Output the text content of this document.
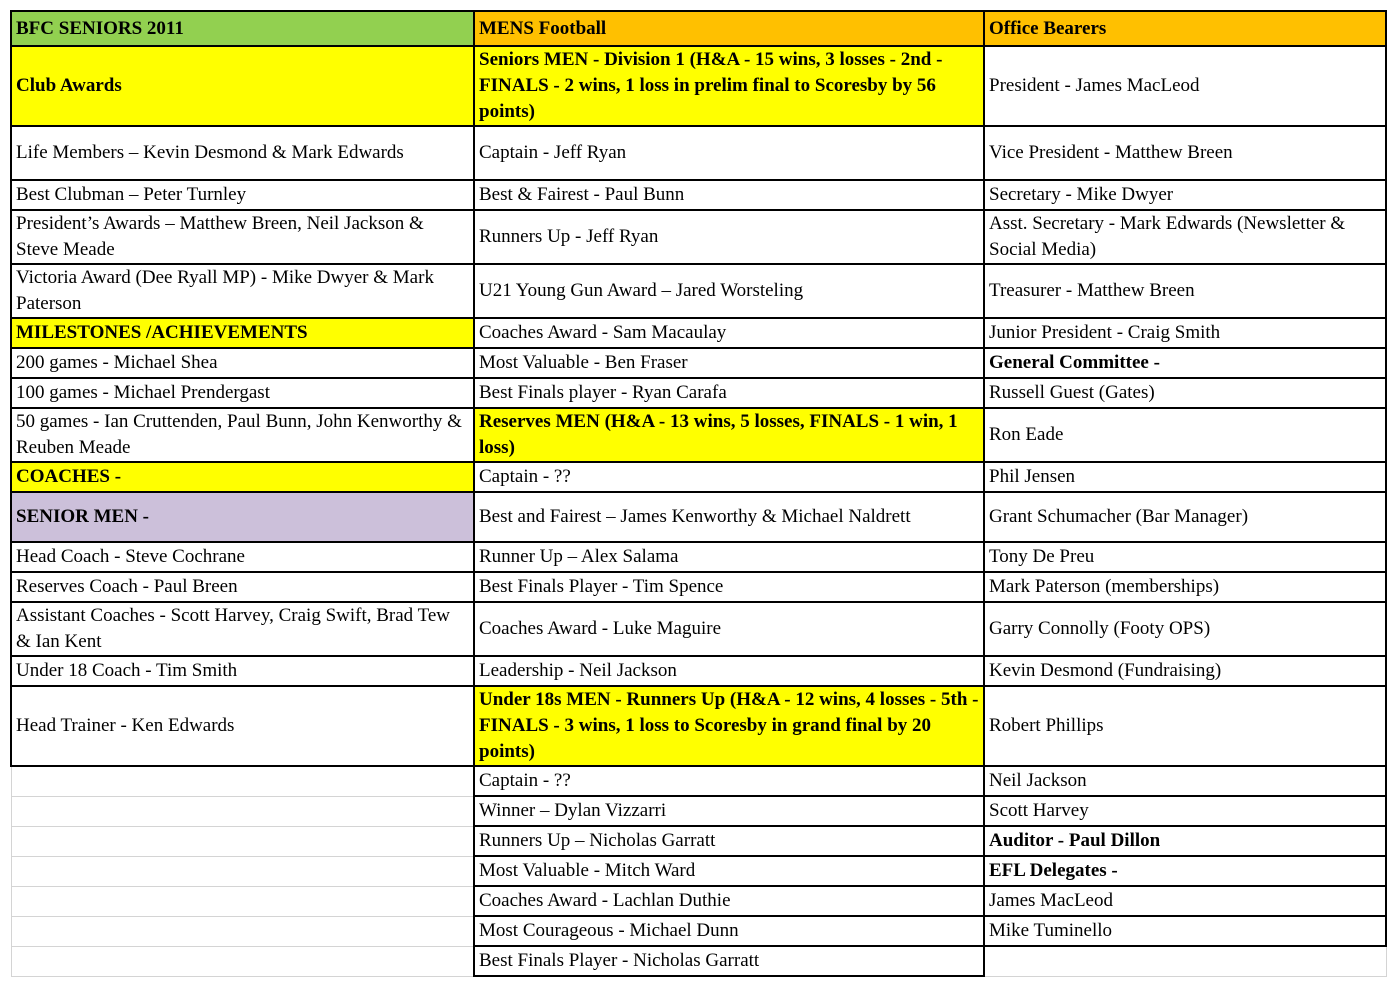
BFC SENIORS 2011	MENS Football	Office Bearers
Club Awards	Seniors MEN - Division 1 (H&A - 15 wins, 3 losses - 2nd - FINALS - 2 wins, 1 loss in prelim final to Scoresby by 56 points)	President - James MacLeod
Life Members – Kevin Desmond & Mark Edwards	Captain - Jeff Ryan	Vice President - Matthew Breen
Best Clubman – Peter Turnley	Best & Fairest - Paul Bunn	Secretary - Mike Dwyer
President’s Awards – Matthew Breen, Neil Jackson & Steve Meade	Runners Up - Jeff Ryan	Asst. Secretary - Mark Edwards (Newsletter & Social Media)
Victoria Award (Dee Ryall MP) - Mike Dwyer & Mark Paterson	U21 Young Gun Award – Jared Worsteling	Treasurer - Matthew Breen
MILESTONES /ACHIEVEMENTS	Coaches Award - Sam Macaulay	Junior President - Craig Smith
200 games - Michael Shea	Most Valuable - Ben Fraser	General Committee -
100 games - Michael Prendergast	Best Finals player - Ryan Carafa	Russell Guest (Gates)
50 games - Ian Cruttenden, Paul Bunn, John Kenworthy & Reuben Meade	Reserves MEN (H&A - 13 wins, 5 losses, FINALS - 1 win, 1 loss)	Ron Eade
COACHES -	Captain - ??	Phil Jensen
SENIOR MEN -	Best and Fairest – James Kenworthy & Michael Naldrett	Grant Schumacher (Bar Manager)
Head Coach - Steve Cochrane	Runner Up – Alex Salama	Tony De Preu
Reserves Coach - Paul Breen	Best Finals Player - Tim Spence	Mark Paterson (memberships)
Assistant Coaches - Scott Harvey, Craig Swift, Brad Tew & Ian Kent	Coaches Award - Luke Maguire	Garry Connolly (Footy OPS)
Under 18 Coach - Tim Smith	Leadership - Neil Jackson	Kevin Desmond (Fundraising)
Head Trainer - Ken Edwards	Under 18s MEN - Runners Up (H&A - 12 wins, 4 losses - 5th - FINALS - 3 wins, 1 loss to Scoresby in grand final by 20 points)	Robert Phillips
	Captain - ??	Neil Jackson
	Winner – Dylan Vizzarri	Scott Harvey
	Runners Up – Nicholas Garratt	Auditor - Paul Dillon
	Most Valuable - Mitch Ward	EFL Delegates -
	Coaches Award - Lachlan Duthie	James MacLeod
	Most Courageous - Michael Dunn	Mike Tuminello
	Best Finals Player - Nicholas Garratt	
